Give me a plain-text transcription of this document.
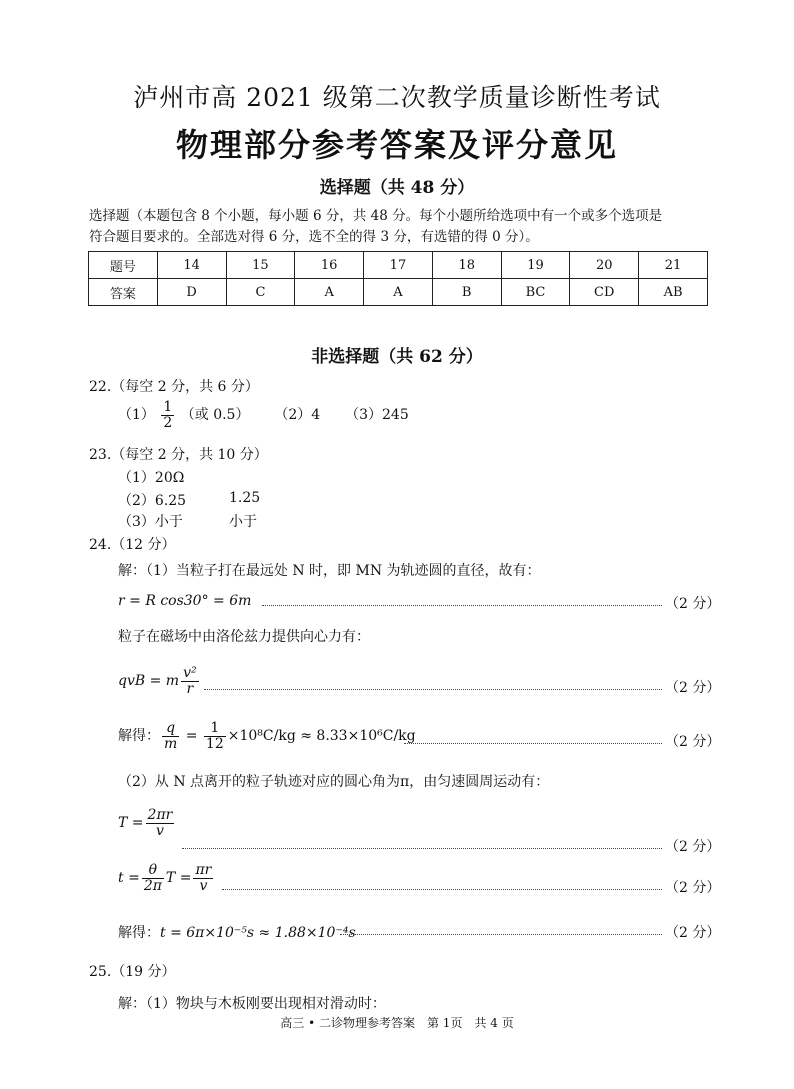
泸州市高 2021 级第二次教学质量诊断性考试
物理部分参考答案及评分意见
选择题（共 48 分）
选择题（本题包含 8 个小题，每小题 6 分，共 48 分。每个小题所给选项中有一个或多个选项是
符合题目要求的。全部选对得 6 分，选不全的得 3 分，有选错的得 0 分）。
题号	14	15	16	17	18	19	20	21
答案	D	C	A	A	B	BC	CD	AB
非选择题（共 62 分）
22.（每空 2 分，共 6 分）
$(1) \frac{1}{2}$ （或 0.5） （2）4 （3）245
23.（每空 2 分，共 10 分）
（1）20Ω
（2）6.25	1.25
（3）小于	小于
24.（12 分）
解：（1）当粒子打在最远处 N 时，即 MN 为轨迹圆的直径，故有：
r = R cos30° = 6m	（2 分）
粒子在磁场中由洛伦兹力提供向心力有：
qvB = m $\frac{\text{v²}}{r}$	（2 分）
解得： $\frac{q}{m} = \frac{1}{12} \times 10^8C/kg \approx 8.33\times 10^6C/kg$	（2 分）
（2）从 N 点离开的粒子轨迹对应的圆心角为π，由匀速圆周运动有：
$T = \frac{2\pi r}{v}$
（2 分）
$t = \frac{\theta}{2\pi}$ $T = \frac{\pi r}{v}$	（2 分）
解得：t = 6π×10⁻⁵s ≈ 1.88×10⁻⁴s	（2 分）
25.（19 分）
解：（1）物块与木板刚要出现相对滑动时：
高三 • 二诊物理参考答案　第 1页　共 4 页
